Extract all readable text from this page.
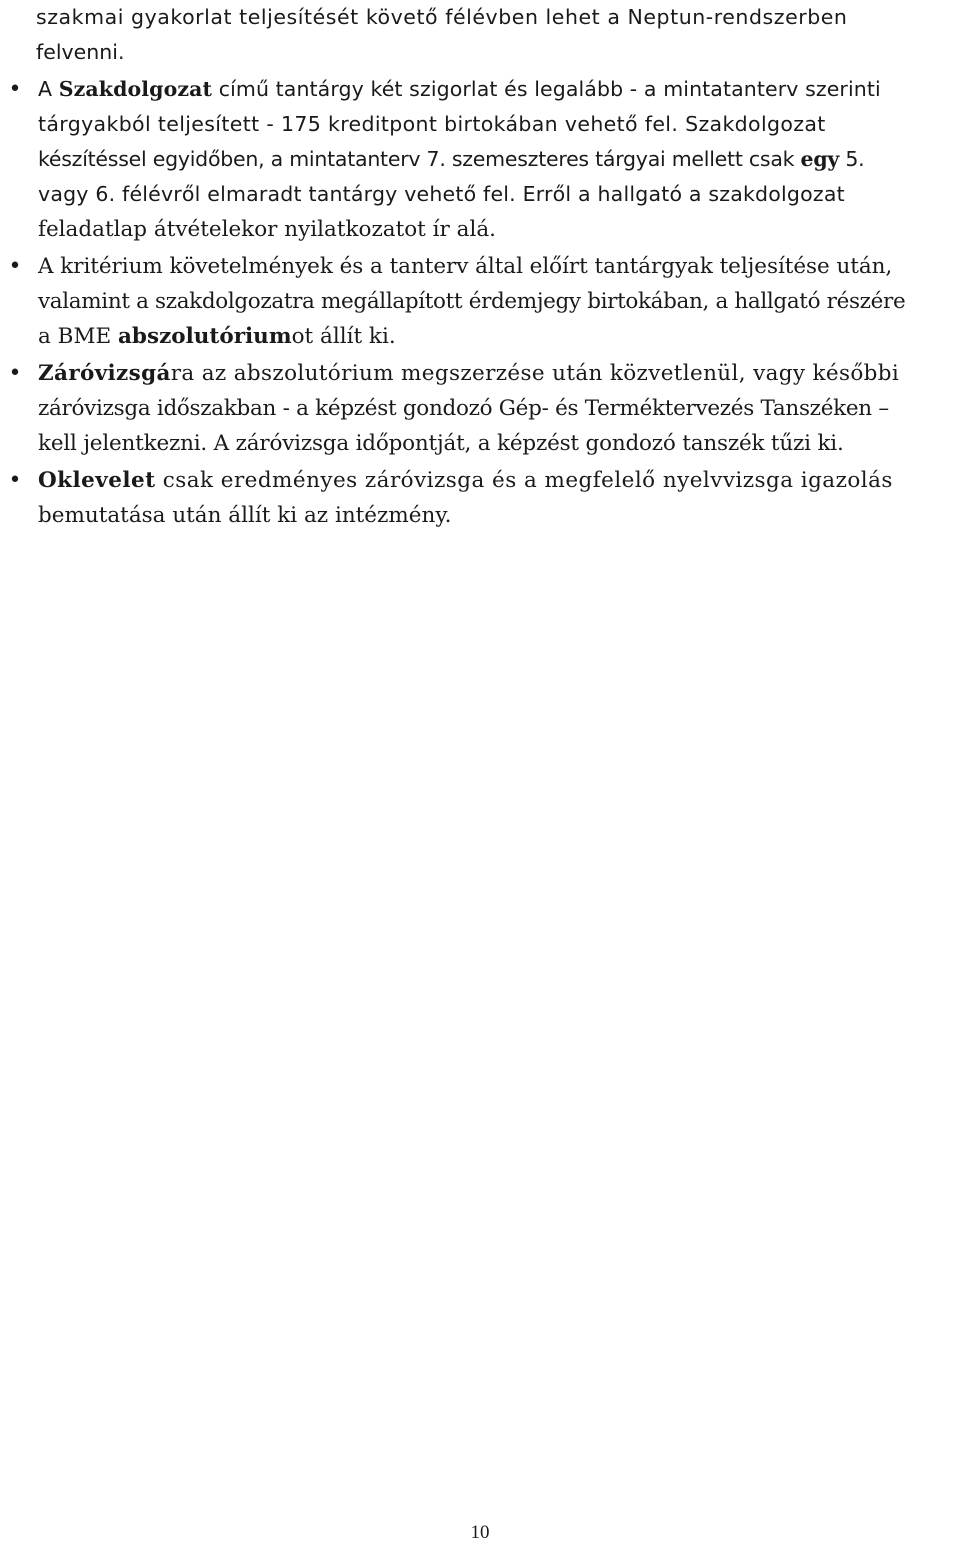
szakmai gyakorlat teljesítését követő félévben lehet a Neptun-rendszerben
felvenni.
• A Szakdolgozat című tantárgy két szigorlat és legalább - a mintatanterv szerinti
tárgyakból teljesített - 175 kreditpont birtokában vehető fel. Szakdolgozat
készítéssel egyidőben, a mintatanterv 7. szemeszteres tárgyai mellett csak egy 5.
vagy 6. félévről elmaradt tantárgy vehető fel. Erről a hallgató a szakdolgozat
feladatlap átvételekor nyilatkozatot ír alá.
• A kritérium követelmények és a tanterv által előírt tantárgyak teljesítése után,
valamint a szakdolgozatra megállapított érdemjegy birtokában, a hallgató részére
a BME abszolutóriumot állít ki.
• Záróvizsgára az abszolutórium megszerzése után közvetlenül, vagy későbbi
záróvizsga időszakban - a képzést gondozó Gép- és Terméktervezés Tanszéken –
kell jelentkezni. A záróvizsga időpontját, a képzést gondozó tanszék tűzi ki.
• Oklevelet csak eredményes záróvizsga és a megfelelő nyelvvizsga igazolás
bemutatása után állít ki az intézmény.
10
